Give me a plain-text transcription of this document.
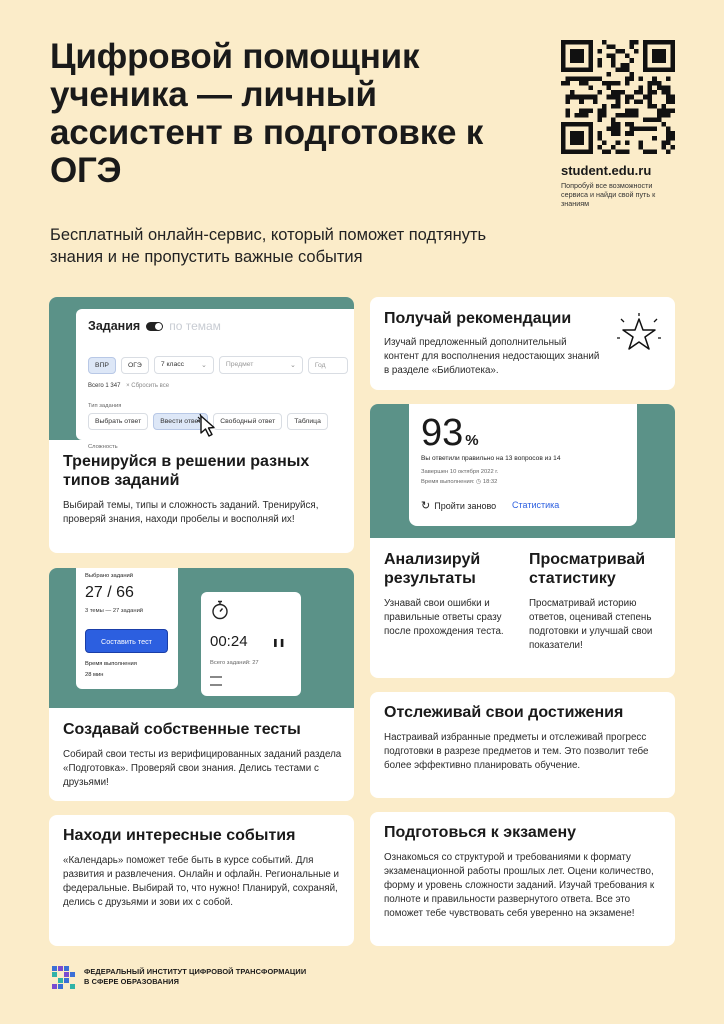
Цифровой помощник ученика — личный ассистент в подготовке к ОГЭ
Бесплатный онлайн-сервис, который поможет подтянуть знания и не пропустить важные события
student.edu.ru
Попробуй все возможности сервиса и найди свой путь к знаниям
Задания по темам
ВПР	ОГЭ	7 класс	⌄	Предмет	⌄	Год
Всего 1 347 × Сбросить все
Тип задания
Выбрать ответ	Ввести ответ	Свободный ответ	Таблица
Сложность
Тренируйся в решении разных типов заданий

Выбирай темы, типы и сложность заданий. Тренируйся, проверяй знания, находи пробелы и восполняй их!

Получай рекомендации

Изучай предложенный дополнительный контент для восполнения недостающих знаний в разделе «Библиотека».

93 %
Вы ответили правильно на 13 вопросов из 14
Завершен 10 октября 2022 г.
Время выполнения: ◷ 18:32
↻ Пройти заново Статистика
Анализируй результаты

Узнавай свои ошибки и правильные ответы сразу после прохождения теста.

Просматривай статистику

Просматривай историю ответов, оценивай степень подготовки и улучшай свои показатели!

Выбрано заданий
27 / 66
3 темы — 27 заданий
Составить тест
Время выполнения
28 мин
00:24	❚❚
Всего заданий: 27
Создавай собственные тесты

Собирай свои тесты из верифицированных заданий раздела «Подготовка». Проверяй свои знания. Делись тестами с друзьями!

Отслеживай свои достижения

Настраивай избранные предметы и отслеживай прогресс подготовки в разрезе предметов и тем. Это позволит тебе более эффективно планировать обучение.

Находи интересные события

«Календарь» поможет тебе быть в курсе событий. Для развития и развлечения. Онлайн и офлайн. Региональные и федеральные. Выбирай то, что нужно! Планируй, сохраняй, делись с друзьями и зови их с собой.

Подготовься к экзамену

Ознакомься со структурой и требованиями к формату экзаменационной работы прошлых лет. Оцени количество, форму и уровень сложности заданий. Изучай требования к полноте и правильности развернутого ответа. Все это поможет тебе чувствовать себя уверенно на экзамене!

ФЕДЕРАЛЬНЫЙ ИНСТИТУТ ЦИФРОВОЙ ТРАНСФОРМАЦИИ
В СФЕРЕ ОБРАЗОВАНИЯ
